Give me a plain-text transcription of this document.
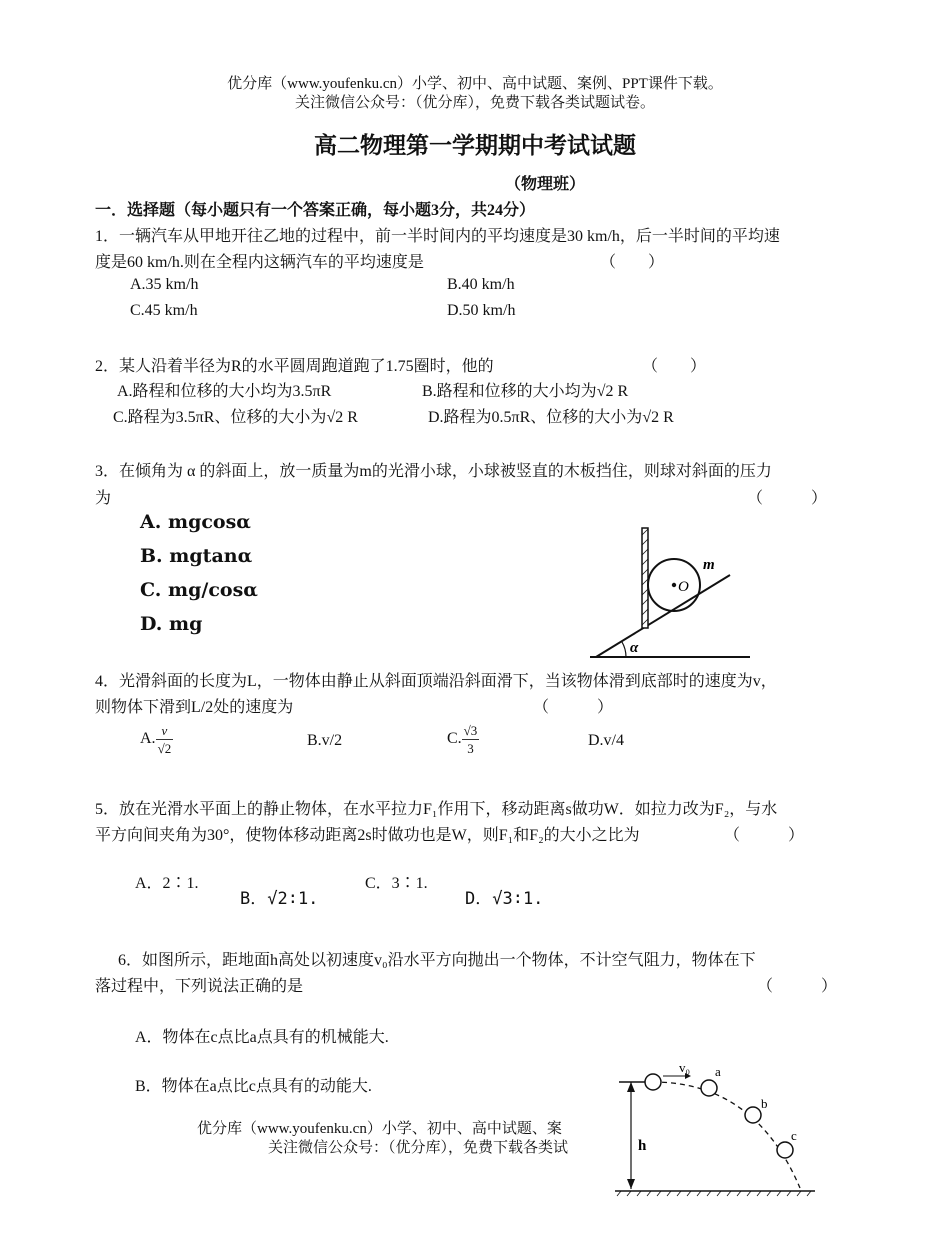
优分库（www.youfenku.cn）小学、初中、高中试题、案例、PPT课件下载。
关注微信公众号：（优分库），免费下载各类试题试卷。
高二物理第一学期期中考试试题
（物理班）
一．选择题（每小题只有一个答案正确，每小题3分，共24分）
1．一辆汽车从甲地开往乙地的过程中，前一半时间内的平均速度是30 km/h，后一半时间的平均速
度是60 km/h.则在全程内这辆汽车的平均速度是	（　　）
A.35 km/h	B.40 km/h
C.45 km/h	D.50 km/h
2．某人沿着半径为R的水平圆周跑道跑了1.75圈时，他的	（　　）
A.路程和位移的大小均为3.5πR	B.路程和位移的大小均为√2 R
C.路程为3.5πR、位移的大小为√2 R	D.路程为0.5πR、位移的大小为√2 R
3．在倾角为 α 的斜面上，放一质量为m的光滑小球，小球被竖直的木板挡住，则球对斜面的压力
为	（　　　）
A. mgcosα
B. mgtanα
C. mg/cosα
D. mg
m
O
α
4．光滑斜面的长度为L，一物体由静止从斜面顶端沿斜面滑下，当该物体滑到底部时的速度为v，
则物体下滑到L/2处的速度为	（　　　）
A. $\frac{v}{√2}$	B.v/2	C. $\frac{√3}{3}$	D.v/4
5．放在光滑水平面上的静止物体，在水平拉力F₁作用下，移动距离s做功W．如拉力改为F₂，与水
平方向间夹角为30°，使物体移动距离2s时做功也是W，则F₁和F₂的大小之比为	（　　　）
A．2∶1.
B．√2∶1.
C．3∶1.
D．√3∶1.
6．如图所示，距地面h高处以初速度v₀沿水平方向抛出一个物体，不计空气阻力，物体在下
落过程中，下列说法正确的是	（　　　）
A．物体在c点比a点具有的机械能大.
B．物体在a点比c点具有的动能大.
优分库（www.youfenku.cn）小学、初中、高中试题、案
关注微信公众号：（优分库），免费下载各类试	h
v₀ a
b
c
